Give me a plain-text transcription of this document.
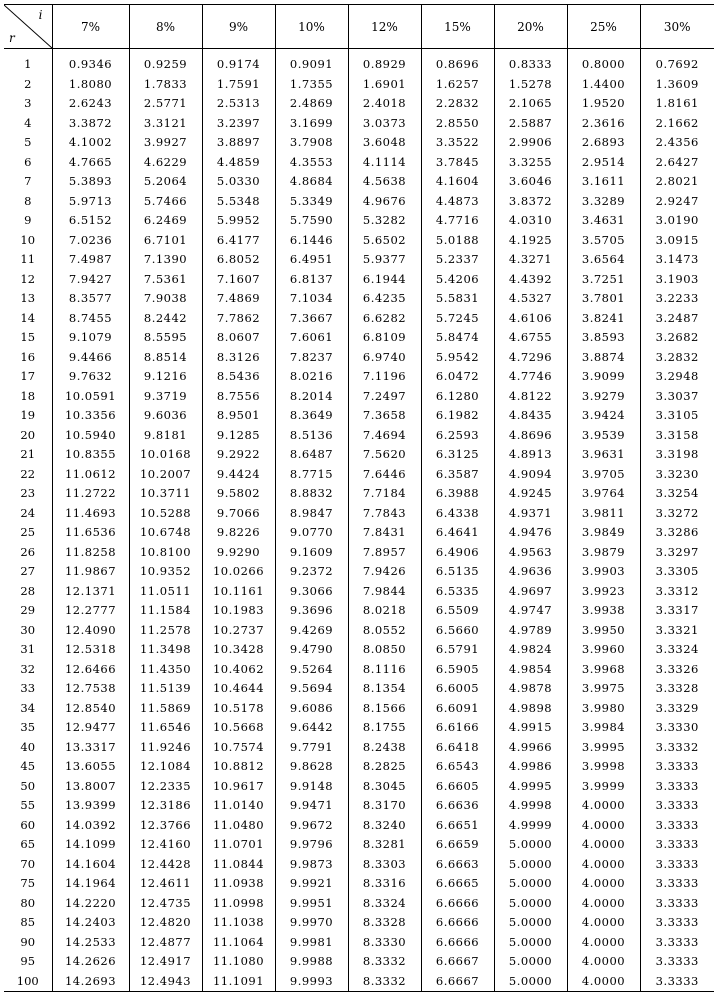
i
r	7%	8%	9%	10%	12%	15%	20%	25%	30%
1	0.9346	0.9259	0.9174	0.9091	0.8929	0.8696	0.8333	0.8000	0.7692
2	1.8080	1.7833	1.7591	1.7355	1.6901	1.6257	1.5278	1.4400	1.3609
3	2.6243	2.5771	2.5313	2.4869	2.4018	2.2832	2.1065	1.9520	1.8161
4	3.3872	3.3121	3.2397	3.1699	3.0373	2.8550	2.5887	2.3616	2.1662
5	4.1002	3.9927	3.8897	3.7908	3.6048	3.3522	2.9906	2.6893	2.4356
6	4.7665	4.6229	4.4859	4.3553	4.1114	3.7845	3.3255	2.9514	2.6427
7	5.3893	5.2064	5.0330	4.8684	4.5638	4.1604	3.6046	3.1611	2.8021
8	5.9713	5.7466	5.5348	5.3349	4.9676	4.4873	3.8372	3.3289	2.9247
9	6.5152	6.2469	5.9952	5.7590	5.3282	4.7716	4.0310	3.4631	3.0190
10	7.0236	6.7101	6.4177	6.1446	5.6502	5.0188	4.1925	3.5705	3.0915
11	7.4987	7.1390	6.8052	6.4951	5.9377	5.2337	4.3271	3.6564	3.1473
12	7.9427	7.5361	7.1607	6.8137	6.1944	5.4206	4.4392	3.7251	3.1903
13	8.3577	7.9038	7.4869	7.1034	6.4235	5.5831	4.5327	3.7801	3.2233
14	8.7455	8.2442	7.7862	7.3667	6.6282	5.7245	4.6106	3.8241	3.2487
15	9.1079	8.5595	8.0607	7.6061	6.8109	5.8474	4.6755	3.8593	3.2682
16	9.4466	8.8514	8.3126	7.8237	6.9740	5.9542	4.7296	3.8874	3.2832
17	9.7632	9.1216	8.5436	8.0216	7.1196	6.0472	4.7746	3.9099	3.2948
18	10.0591	9.3719	8.7556	8.2014	7.2497	6.1280	4.8122	3.9279	3.3037
19	10.3356	9.6036	8.9501	8.3649	7.3658	6.1982	4.8435	3.9424	3.3105
20	10.5940	9.8181	9.1285	8.5136	7.4694	6.2593	4.8696	3.9539	3.3158
21	10.8355	10.0168	9.2922	8.6487	7.5620	6.3125	4.8913	3.9631	3.3198
22	11.0612	10.2007	9.4424	8.7715	7.6446	6.3587	4.9094	3.9705	3.3230
23	11.2722	10.3711	9.5802	8.8832	7.7184	6.3988	4.9245	3.9764	3.3254
24	11.4693	10.5288	9.7066	8.9847	7.7843	6.4338	4.9371	3.9811	3.3272
25	11.6536	10.6748	9.8226	9.0770	7.8431	6.4641	4.9476	3.9849	3.3286
26	11.8258	10.8100	9.9290	9.1609	7.8957	6.4906	4.9563	3.9879	3.3297
27	11.9867	10.9352	10.0266	9.2372	7.9426	6.5135	4.9636	3.9903	3.3305
28	12.1371	11.0511	10.1161	9.3066	7.9844	6.5335	4.9697	3.9923	3.3312
29	12.2777	11.1584	10.1983	9.3696	8.0218	6.5509	4.9747	3.9938	3.3317
30	12.4090	11.2578	10.2737	9.4269	8.0552	6.5660	4.9789	3.9950	3.3321
31	12.5318	11.3498	10.3428	9.4790	8.0850	6.5791	4.9824	3.9960	3.3324
32	12.6466	11.4350	10.4062	9.5264	8.1116	6.5905	4.9854	3.9968	3.3326
33	12.7538	11.5139	10.4644	9.5694	8.1354	6.6005	4.9878	3.9975	3.3328
34	12.8540	11.5869	10.5178	9.6086	8.1566	6.6091	4.9898	3.9980	3.3329
35	12.9477	11.6546	10.5668	9.6442	8.1755	6.6166	4.9915	3.9984	3.3330
40	13.3317	11.9246	10.7574	9.7791	8.2438	6.6418	4.9966	3.9995	3.3332
45	13.6055	12.1084	10.8812	9.8628	8.2825	6.6543	4.9986	3.9998	3.3333
50	13.8007	12.2335	10.9617	9.9148	8.3045	6.6605	4.9995	3.9999	3.3333
55	13.9399	12.3186	11.0140	9.9471	8.3170	6.6636	4.9998	4.0000	3.3333
60	14.0392	12.3766	11.0480	9.9672	8.3240	6.6651	4.9999	4.0000	3.3333
65	14.1099	12.4160	11.0701	9.9796	8.3281	6.6659	5.0000	4.0000	3.3333
70	14.1604	12.4428	11.0844	9.9873	8.3303	6.6663	5.0000	4.0000	3.3333
75	14.1964	12.4611	11.0938	9.9921	8.3316	6.6665	5.0000	4.0000	3.3333
80	14.2220	12.4735	11.0998	9.9951	8.3324	6.6666	5.0000	4.0000	3.3333
85	14.2403	12.4820	11.1038	9.9970	8.3328	6.6666	5.0000	4.0000	3.3333
90	14.2533	12.4877	11.1064	9.9981	8.3330	6.6666	5.0000	4.0000	3.3333
95	14.2626	12.4917	11.1080	9.9988	8.3332	6.6667	5.0000	4.0000	3.3333
100	14.2693	12.4943	11.1091	9.9993	8.3332	6.6667	5.0000	4.0000	3.3333
